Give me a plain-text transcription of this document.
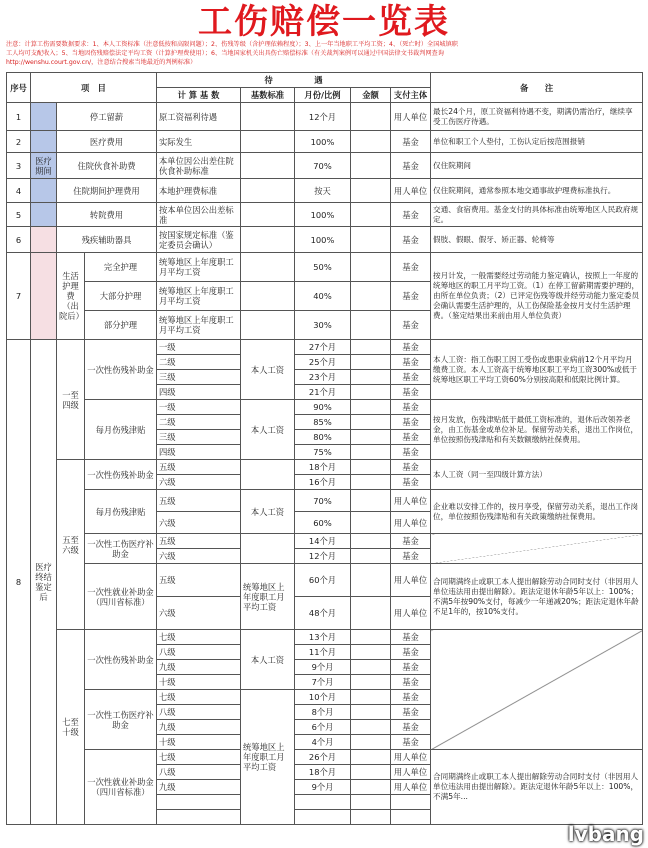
工伤赔偿一览表
注意：计算工伤需要数据要求：1、本人工资标准（注意低按和高限问题）；2、伤残等级（含护理依赖程度）；3、上一年当地职工平均工资；4、（死亡时）全国城镇职
工人均可支配收入；5、当地因伤残赔偿法定平均工资（计算护理费使用）；6、当地国家机关出具伤亡赔偿标准（有关裁判案例可以通过中国法律文书裁判网查询
http://wenshu.court.gov.cn/，注意结合搜索当地最近的判例标准）
序号	项　目			待　　　　　遇					备　　注
				计 算 基 数	基数标准	月份/比例	金额	支付主体	
1		停工留薪		原工资福利待遇		12个月		用人单位	最长24个月，原工资福利待遇不变，期满仍需治疗，继续享受工伤医疗待遇。
2		医疗费用		实际发生		100%		基金	单位和职工个人垫付，工伤认定后按范围报销
3	医疗期间	住院伙食补助费		本单位因公出差住院伙食补助标准		70%		基金	仅住院期间
4		住院期间护理费用		本地护理费标准		按天		用人单位	仅住院期间，通常参照本地交通事故护理费标准执行。
5		转院费用		按本单位因公出差标准		100%		基金	交通、食宿费用。基金支付的具体标准由统筹地区人民政府规定。
6		残疾辅助器具		按国家规定标准（鉴定委员会确认）		100%		基金	假肢、假眼、假牙、矫正器、轮椅等
7		生活护理费（出院后）	完全护理	统筹地区上年度职工月平均工资		50%		基金	按月计发，一般需要经过劳动能力鉴定确认，按照上一年度的统筹地区的职工月平均工资。（1）在停工留薪期需要护理的，由所在单位负责；（2）已评定伤残等级并经劳动能力鉴定委员会确认需要生活护理的，从工伤保险基金按月支付生活护理费。（鉴定结果出来前由用人单位负责）
			大部分护理	统筹地区上年度职工月平均工资		40%		基金	
			部分护理	统筹地区上年度职工月平均工资		30%		基金	
8	医疗终结鉴定后	一至四级	一次性伤残补助金	一级	本人工资	27个月		基金	本人工资：指工伤职工因工受伤或患职业病前12个月平均月缴费工资。本人工资高于统筹地区职工平均工资300%或低于统筹地区职工平均工资60%分别按高限和低限比例计算。
				二级		25个月		基金	
				三级		23个月		基金	
				四级		21个月		基金	
			每月伤残津贴	一级	本人工资	90%		基金	按月发放，伤残津贴低于最低工资标准的，退休后改领养老金，由工伤基金或单位补足。保留劳动关系，退出工作岗位，单位按照伤残津贴和有关数额缴纳社保费用。
				二级		85%		基金	
				三级		80%		基金	
				四级		75%		基金	
		五至六级	一次性伤残补助金	五级		18个月		基金	本人工资（同一至四级计算方法）
				六级		16个月		基金	
			每月伤残津贴	五级	本人工资	70%		用人单位	企业难以安排工作的，按月享受，保留劳动关系，退出工作岗位，单位按照伤残津贴和有关政策缴纳社保费用。
				六级		60%		用人单位	
			一次性工伤医疗补助金	五级		14个月		基金	
				六级		12个月		基金	
			一次性就业补助金（四川省标准）	五级	统筹地区上年度职工月平均工资	60个月		用人单位	合同期满终止或职工本人提出解除劳动合同时支付（非因用人单位违法用由提出解除）。距法定退休年龄5年以上：100%；不满5年按90%支付，每减少一年递减20%；距法定退休年龄不足1年的，按10%支付。

				六级		48个月		用人单位	

		七至十级	一次性伤残补助金	七级	本人工资	13个月		基金	
				八级		11个月		基金	
				九级		9个月		基金	
				十级		7个月		基金	
			一次性工伤医疗补助金	七级	统筹地区上年度职工月平均工资	10个月		基金	
				八级		8个月		基金	
				九级		6个月		基金	
				十级		4个月		基金	
			一次性就业补助金（四川省标准）	七级		26个月		用人单位	合同期满终止或职工本人提出解除劳动合同时支付（非因用人单位违法用由提出解除）。距法定退休年龄5年以上：100%，不满5年...
				八级		18个月		用人单位	
				九级		9个月		用人单位	

lvbang
